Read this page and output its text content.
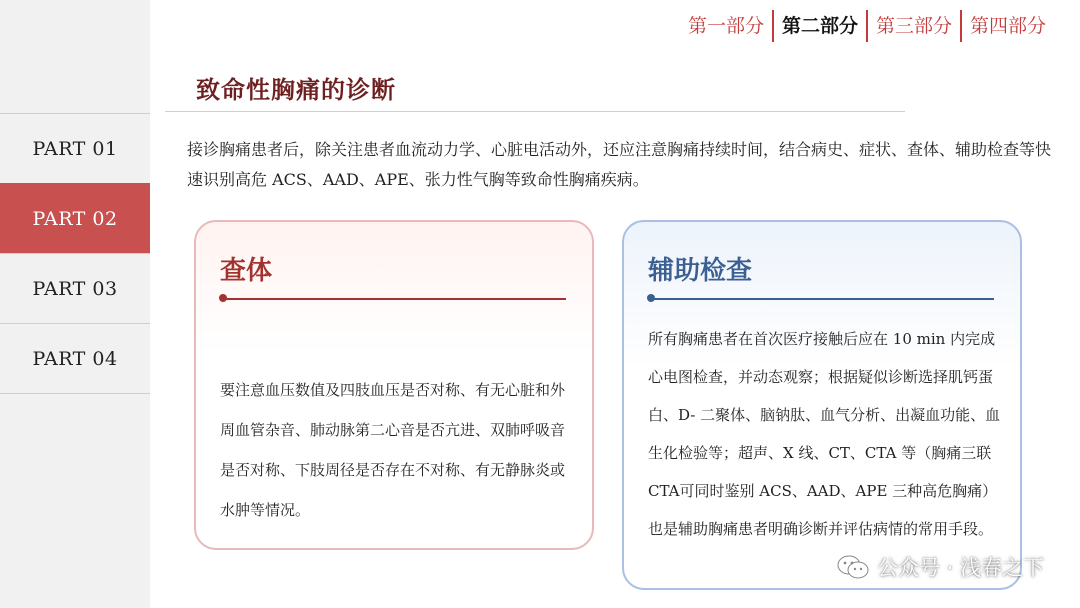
PART 01
PART 02
PART 03
PART 04
第一部分 第二部分 第三部分 第四部分
致命性胸痛的诊断
接诊胸痛患者后，除关注患者血流动力学、心脏电活动外，还应注意胸痛持续时间，结合病史、症状、查体、辅助检查等快速识别高危 ACS、AAD、APE、张力性气胸等致命性胸痛疾病。
查体
要注意血压数值及四肢血压是否对称、有无心脏和外周血管杂音、肺动脉第二心音是否亢进、双肺呼吸音是否对称、下肢周径是否存在不对称、有无静脉炎或水肿等情况。
辅助检查
所有胸痛患者在首次医疗接触后应在 10 min 内完成心电图检查，并动态观察；根据疑似诊断选择肌钙蛋白、D- 二聚体、脑钠肽、血气分析、出凝血功能、血生化检验等；超声、X 线、CT、CTA 等（胸痛三联 CTA可同时鉴别 ACS、AAD、APE 三种高危胸痛）也是辅助胸痛患者明确诊断并评估病情的常用手段。
公众号 · 浅春之下
